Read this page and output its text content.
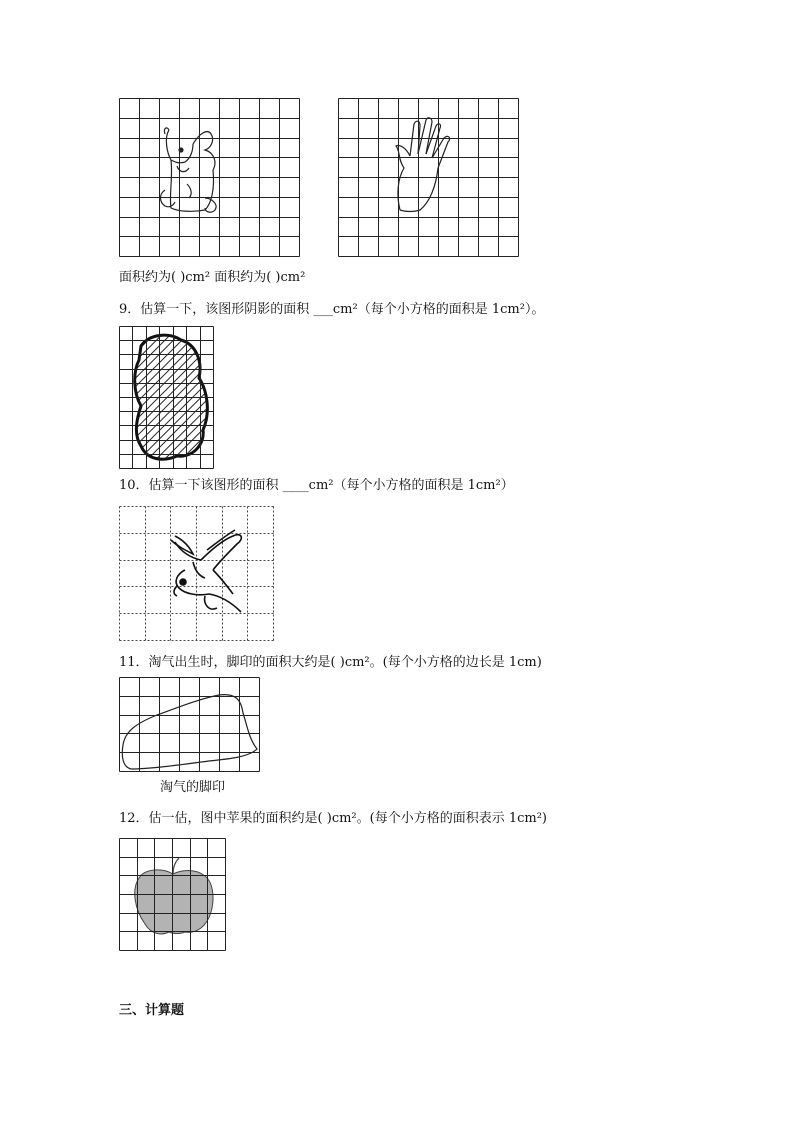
面积约为( )cm² 面积约为( )cm²
9．估算一下，该图形阴影的面积 ___cm²（每个小方格的面积是 1cm²）。
10．估算一下该图形的面积 ____cm²（每个小方格的面积是 1cm²）
11．淘气出生时，脚印的面积大约是( )cm²。(每个小方格的边长是 1cm)
淘气的脚印
12．估一估，图中苹果的面积约是( )cm²。(每个小方格的面积表示 1cm²)
三、计算题
